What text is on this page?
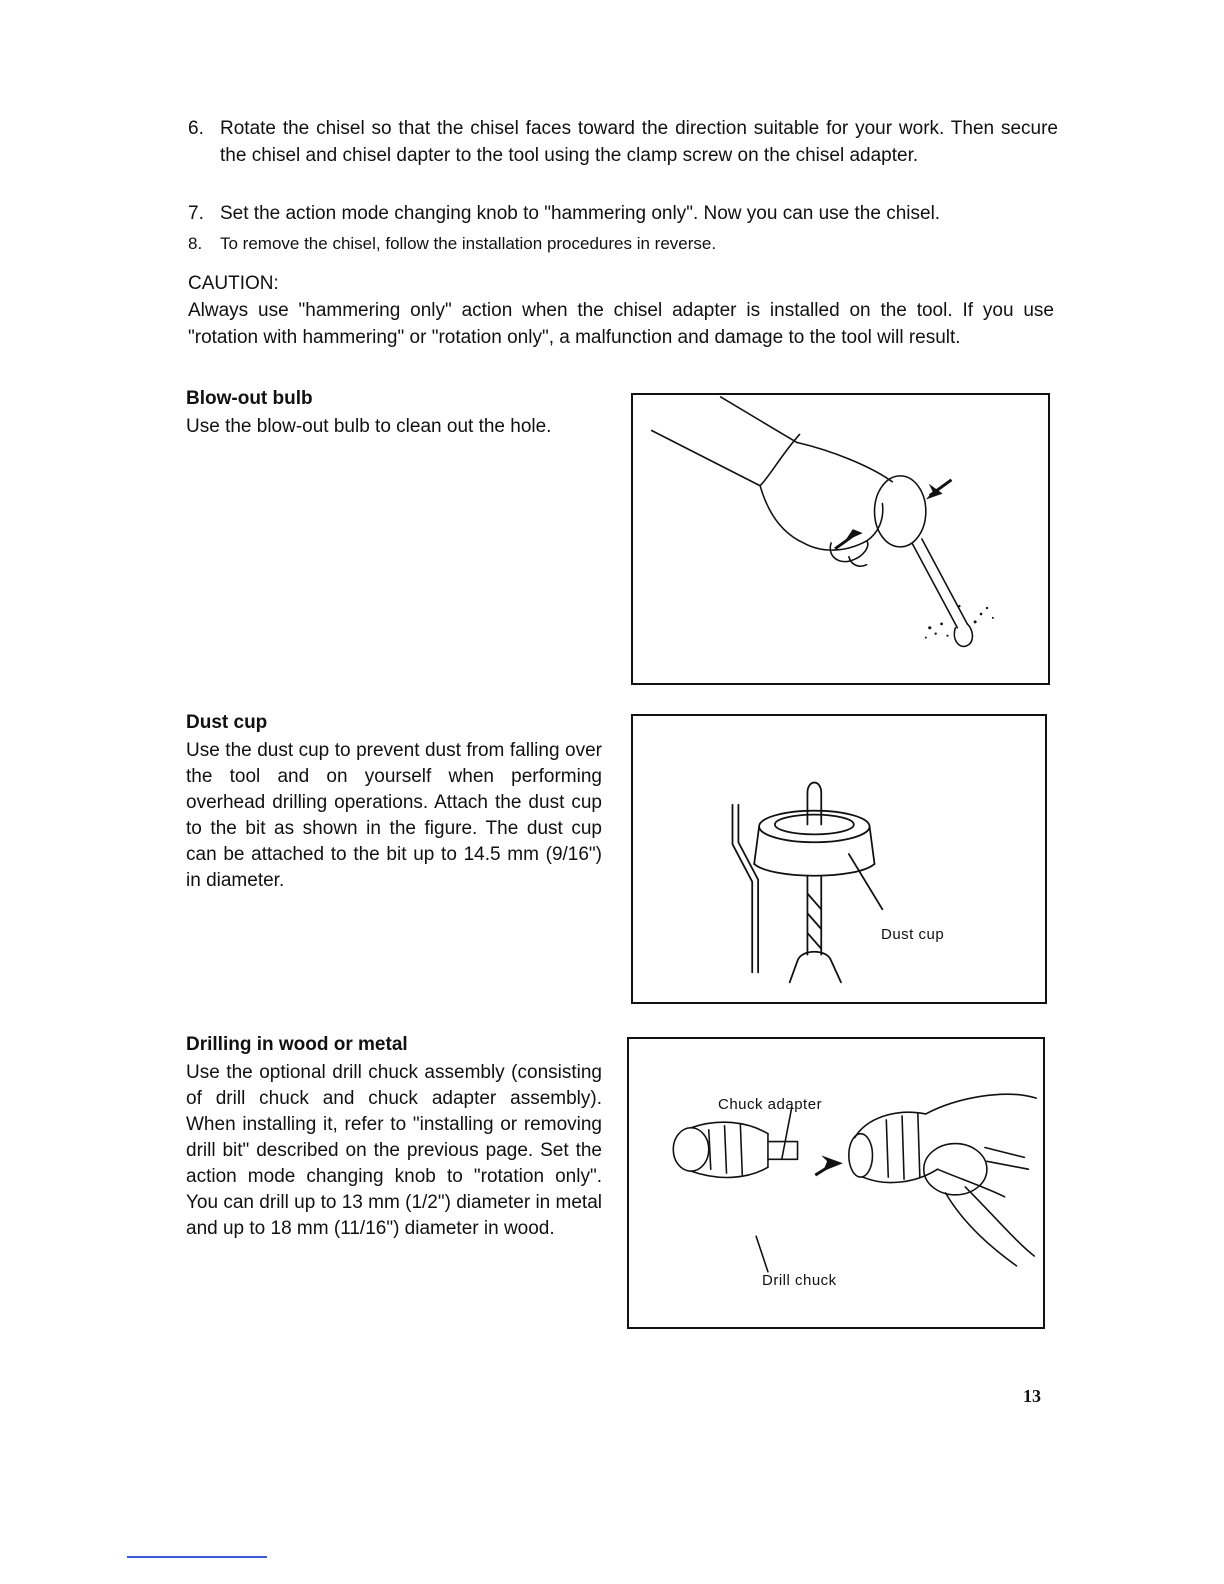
6. Rotate the chisel so that the chisel faces toward the direction suitable for your work. Then secure the chisel and chisel dapter to the tool using the clamp screw on the chisel adapter.
7. Set the action mode changing knob to "hammering only". Now you can use the chisel.
8. To remove the chisel, follow the installation procedures in reverse.
CAUTION:
Always use "hammering only" action when the chisel adapter is installed on the tool. If you use "rotation with hammering" or "rotation only", a malfunction and damage to the tool will result.
Blow-out bulb

Use the blow-out bulb to clean out the hole.

Dust cup

Use the dust cup to prevent dust from falling over the tool and on yourself when performing overhead drilling operations. Attach the dust cup to the bit as shown in the figure. The dust cup can be attached to the bit up to 14.5 mm (9/16") in diameter.

Dust cup
Drilling in wood or metal

Use the optional drill chuck assembly (consisting of drill chuck and chuck adapter assembly). When installing it, refer to "installing or removing drill bit" described on the previous page. Set the action mode changing knob to "rotation only". You can drill up to 13 mm (1/2") diameter in metal and up to 18 mm (11/16") diameter in wood.

Chuck adapter
Drill chuck
13
